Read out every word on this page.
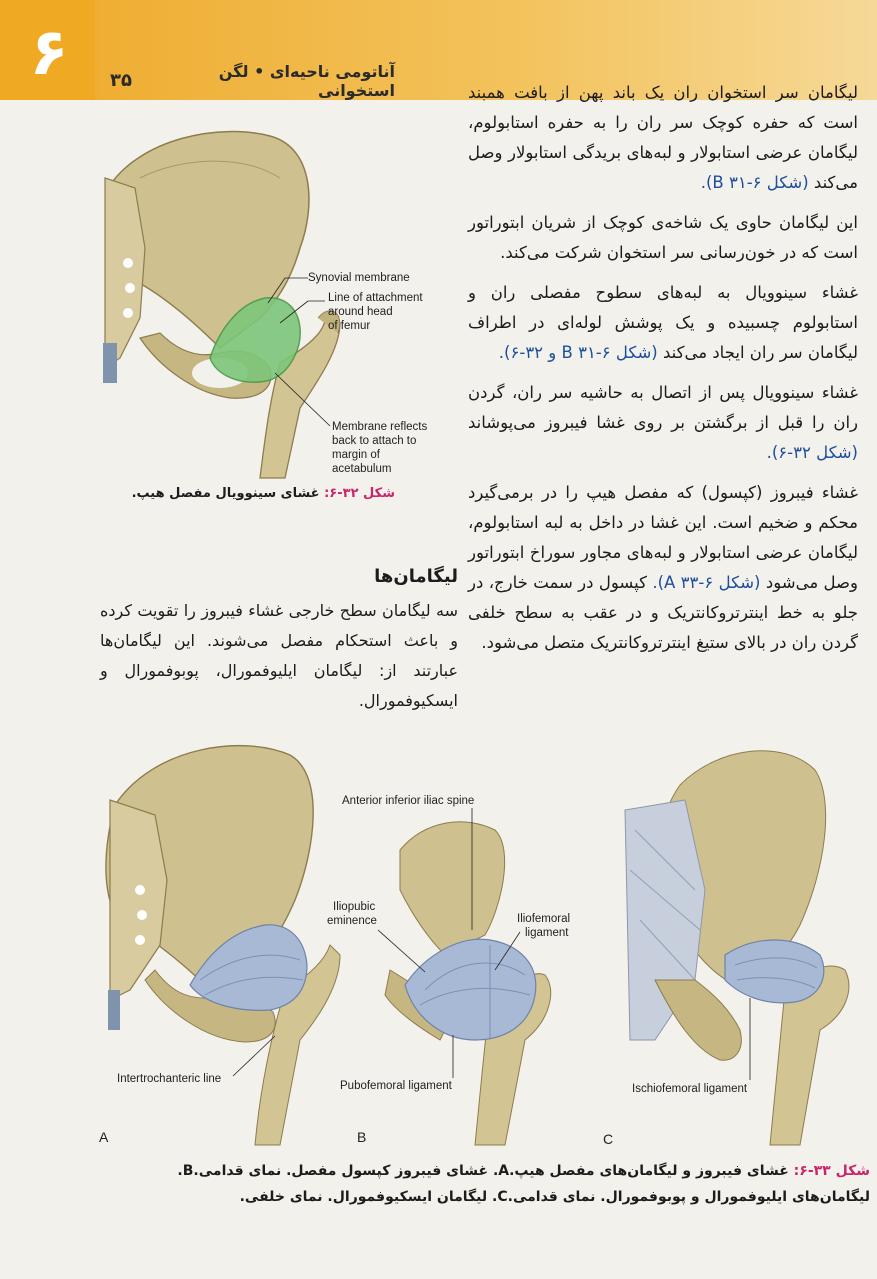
۶	۳۵	آناتومی ناحیه‌ای • لگن استخوانی	لیگامان سر استخوان ران یک باند پهن از بافت همبند است که حفره کوچک سر ران را به حفره استابولوم، لیگامان عرضی استابولار و لبه‌های بریدگی استابولار وصل می‌کند (شکل B ۳۱-۶).

این لیگامان حاوی یک شاخه‌ی کوچک از شریان ابتوراتور است که در خون‌رسانی سر استخوان شرکت می‌کند.

غشاء سینوویال به لبه‌های سطوح مفصلی ران و استابولوم چسبیده و یک پوشش لوله‌ای در اطراف لیگامان سر ران ایجاد می‌کند (شکل B ۳۱-۶ و ۳۲-۶).

غشاء سینوویال پس از اتصال به حاشیه سر ران، گردن ران را قبل از برگشتن بر روی غشا فیبروز می‌پوشاند (شکل ۳۲-۶).

غشاء فیبروز (کپسول) که مفصل هیپ را در برمی‌گیرد محکم و ضخیم است. این غشا در داخل به لبه استابولوم، لیگامان عرضی استابولار و لبه‌های مجاور سوراخ ابتوراتور وصل می‌شود (شکل A ۳۳-۶). کپسول در سمت خارج، در جلو به خط اینترتروکانتریک و در عقب به سطح خلفی گردن ران در بالای ستیغ اینترتروکانتریک متصل می‌شود.

Synovial membrane
Line of attachment
around head
of femur
Membrane reflects
back to attach to
margin of
acetabulum
شکل ۳۲-۶: غشای سینوویال مفصل هیپ.
لیگامان‌ها
سه لیگامان سطح خارجی غشاء فیبروز را تقویت کرده و باعث استحکام مفصل می‌شوند. این لیگامان‌ها عبارتند از: لیگامان ایلیوفمورال، پوبوفمورال و ایسکیوفمورال.
Intertrochanteric line
A
Anterior inferior iliac spine
Iliopubic
eminence	Iliofemoral
ligament
Pubofemoral ligament
B
Ischiofemoral ligament
C
شکل ۳۳-۶: غشای فیبروز و لیگامان‌های مفصل هیپ.A. غشای فیبروز کپسول مفصل. نمای قدامی.B. لیگامان‌های ایلیوفمورال و پوبوفمورال. نمای قدامی.C. لیگامان ایسکیوفمورال. نمای خلفی.
